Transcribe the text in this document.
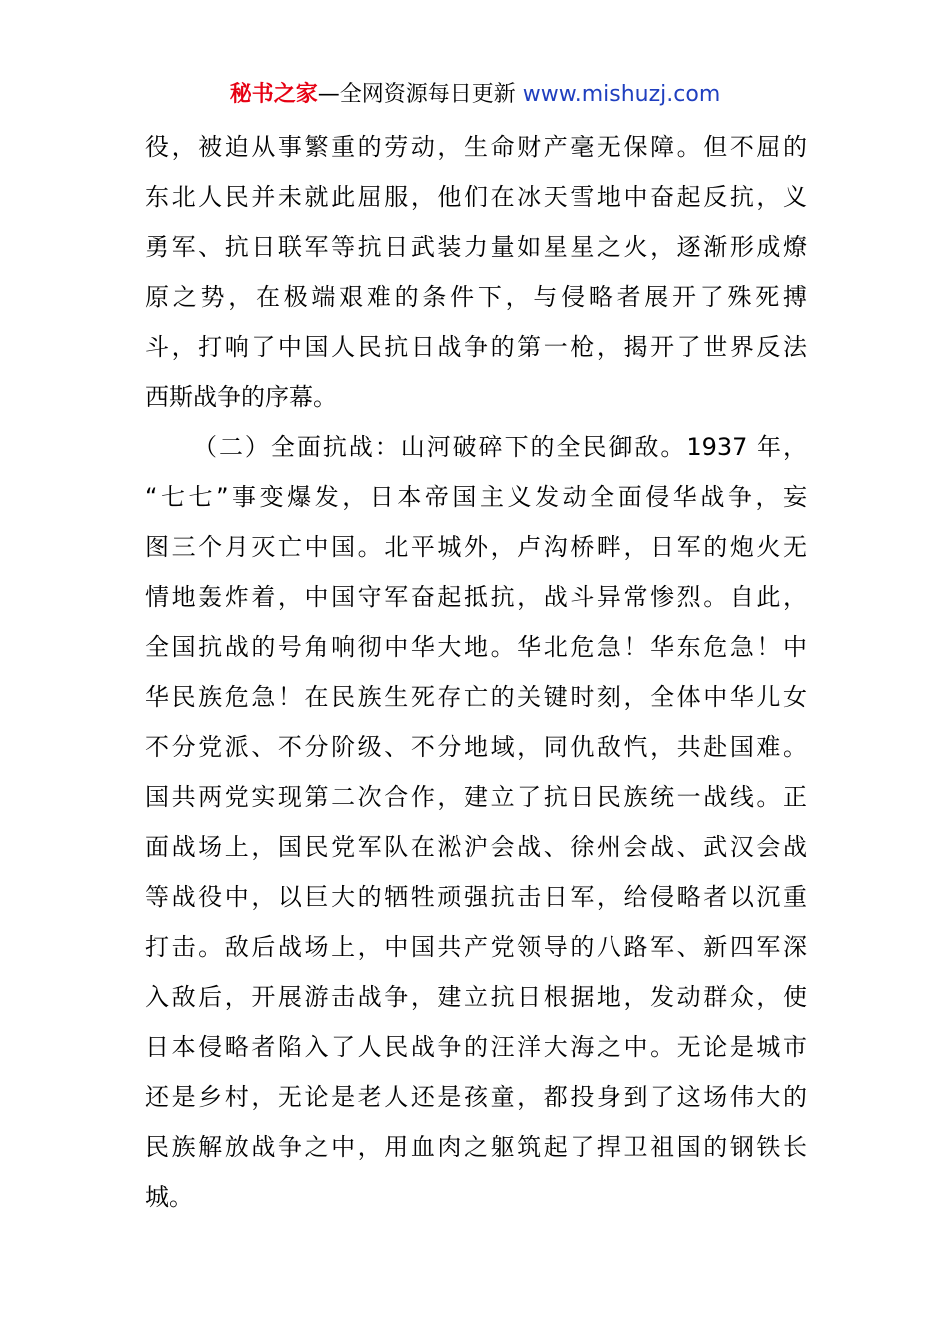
秘书之家—全网资源每日更新 www.mishuzj.com
役，被迫从事繁重的劳动，生命财产毫无保障。但不屈的
东北人民并未就此屈服，他们在冰天雪地中奋起反抗，义
勇军、抗日联军等抗日武装力量如星星之火，逐渐形成燎
原之势，在极端艰难的条件下，与侵略者展开了殊死搏
斗，打响了中国人民抗日战争的第一枪，揭开了世界反法
西斯战争的序幕。
（二）全面抗战：山河破碎下的全民御敌。1937 年，
“七七”事变爆发，日本帝国主义发动全面侵华战争，妄
图三个月灭亡中国。北平城外，卢沟桥畔，日军的炮火无
情地轰炸着，中国守军奋起抵抗，战斗异常惨烈。自此，
全国抗战的号角响彻中华大地。华北危急！华东危急！中
华民族危急！在民族生死存亡的关键时刻，全体中华儿女
不分党派、不分阶级、不分地域，同仇敌忾，共赴国难。
国共两党实现第二次合作，建立了抗日民族统一战线。正
面战场上，国民党军队在淞沪会战、徐州会战、武汉会战
等战役中，以巨大的牺牲顽强抗击日军，给侵略者以沉重
打击。敌后战场上，中国共产党领导的八路军、新四军深
入敌后，开展游击战争，建立抗日根据地，发动群众，使
日本侵略者陷入了人民战争的汪洋大海之中。无论是城市
还是乡村，无论是老人还是孩童，都投身到了这场伟大的
民族解放战争之中，用血肉之躯筑起了捍卫祖国的钢铁长
城。
